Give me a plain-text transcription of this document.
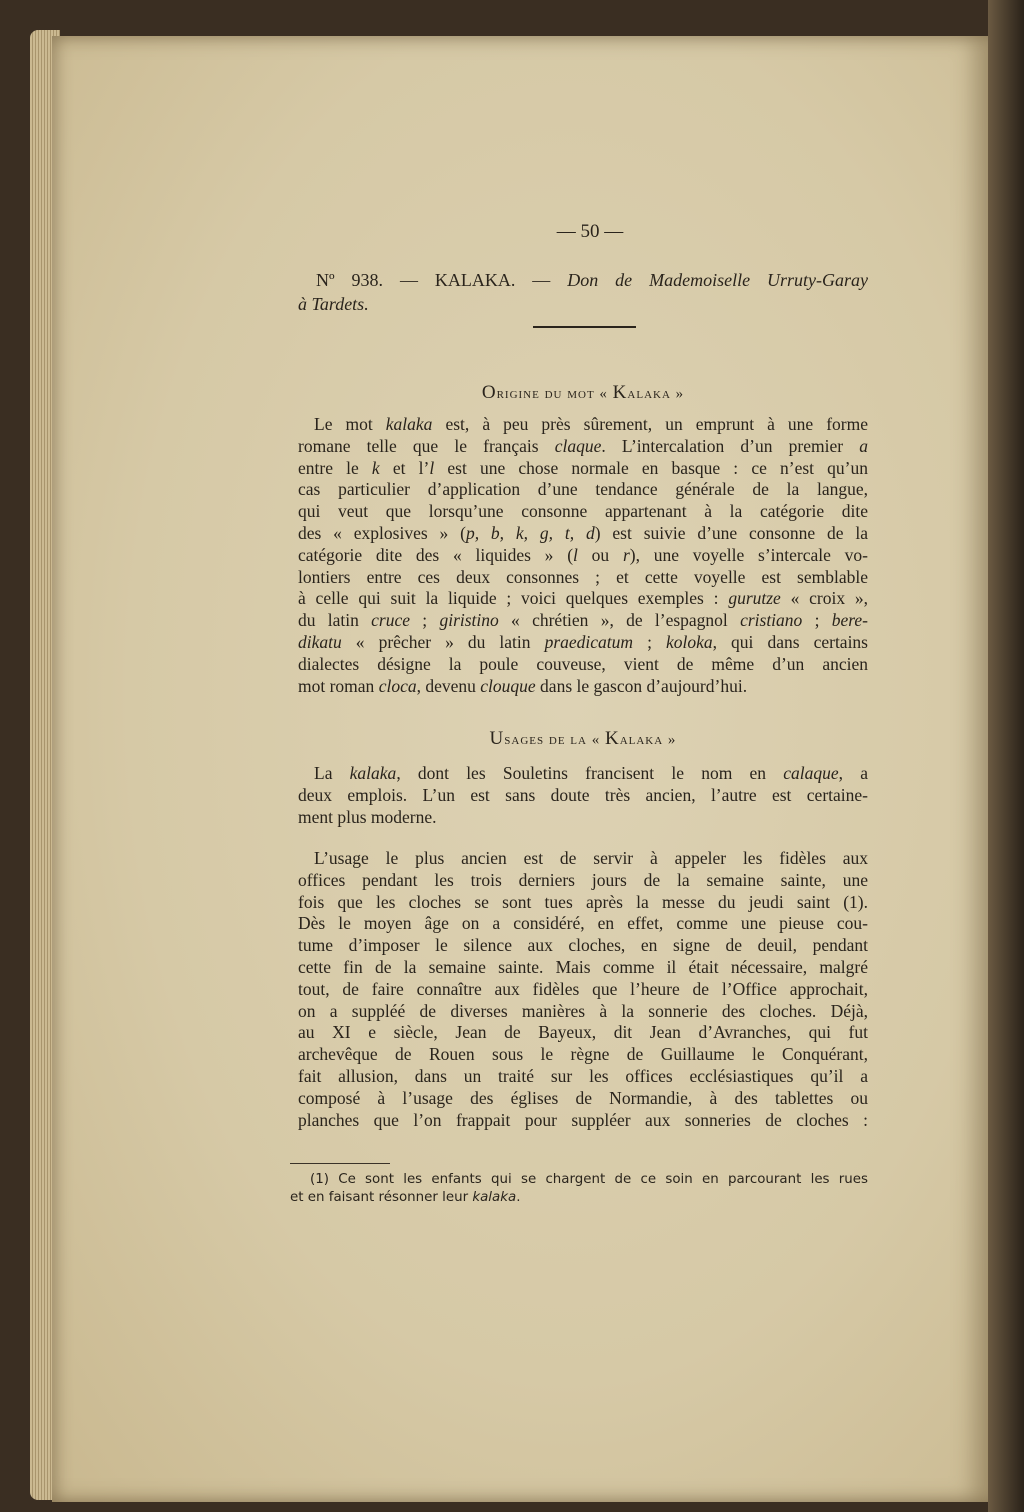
— 50 —
Nº 938. — KALAKA. — Don de Mademoiselle Urruty-Garay
à Tardets.
Origine du mot « Kalaka »
Usages de la « Kalaka »
Le mot kalaka est, à peu près sûrement, un emprunt à une forme
romane telle que le français claque. L’intercalation d’un premier a
entre le k et l’l est une chose normale en basque : ce n’est qu’un
cas particulier d’application d’une tendance générale de la langue,
qui veut que lorsqu’une consonne appartenant à la catégorie dite
des « explosives » (p, b, k, g, t, d) est suivie d’une consonne de la
catégorie dite des « liquides » (l ou r), une voyelle s’intercale vo-
lontiers entre ces deux consonnes ; et cette voyelle est semblable
à celle qui suit la liquide ; voici quelques exemples : gurutze « croix »,
du latin cruce ; giristino « chrétien », de l’espagnol cristiano ; bere-
dikatu « prêcher » du latin praedicatum ; koloka, qui dans certains
dialectes désigne la poule couveuse, vient de même d’un ancien
mot roman cloca, devenu clouque dans le gascon d’aujourd’hui.
La kalaka, dont les Souletins francisent le nom en calaque, a
deux emplois. L’un est sans doute très ancien, l’autre est certaine-
ment plus moderne.
L’usage le plus ancien est de servir à appeler les fidèles aux
offices pendant les trois derniers jours de la semaine sainte, une
fois que les cloches se sont tues après la messe du jeudi saint (1).
Dès le moyen âge on a considéré, en effet, comme une pieuse cou-
tume d’imposer le silence aux cloches, en signe de deuil, pendant
cette fin de la semaine sainte. Mais comme il était nécessaire, malgré
tout, de faire connaître aux fidèles que l’heure de l’Office approchait,
on a suppléé de diverses manières à la sonnerie des cloches. Déjà,
au XI e siècle, Jean de Bayeux, dit Jean d’Avranches, qui fut
archevêque de Rouen sous le règne de Guillaume le Conquérant,
fait allusion, dans un traité sur les offices ecclésiastiques qu’il a
composé à l’usage des églises de Normandie, à des tablettes ou
planches que l’on frappait pour suppléer aux sonneries de cloches :
(1) Ce sont les enfants qui se chargent de ce soin en parcourant les rues
et en faisant résonner leur kalaka.
